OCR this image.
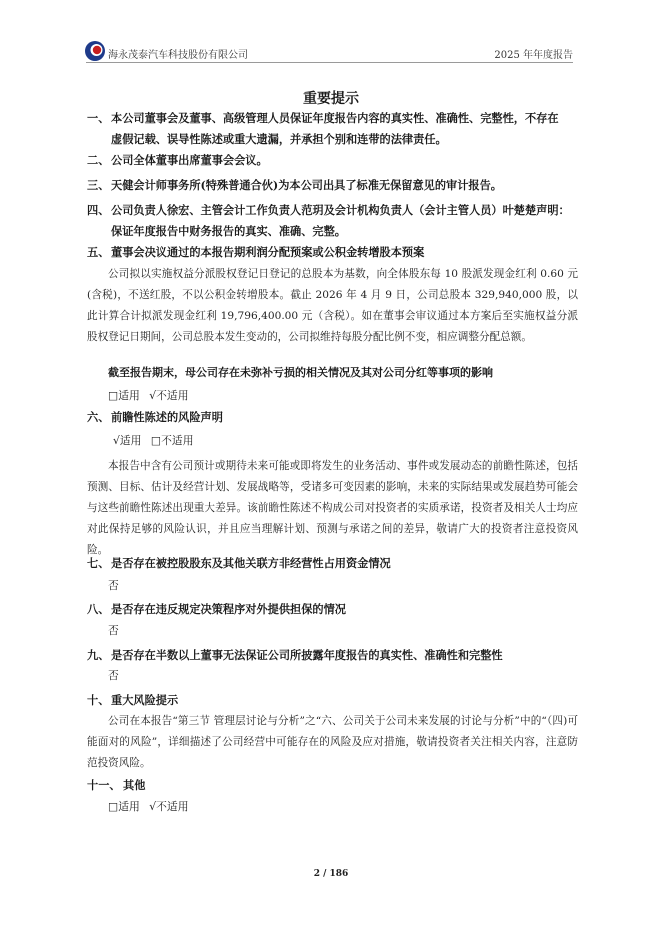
海永茂泰汽车科技股份有限公司	2025 年年度报告
重要提示
一、 本公司董事会及董事、高级管理人员保证年度报告内容的真实性、准确性、完整性，不存在
虚假记载、误导性陈述或重大遗漏，并承担个别和连带的法律责任。
二、 公司全体董事出席董事会会议。
三、 天健会计师事务所(特殊普通合伙)为本公司出具了标准无保留意见的审计报告。
四、 公司负责人徐宏、主管会计工作负责人范玥及会计机构负责人（会计主管人员）叶楚楚声明：
保证年度报告中财务报告的真实、准确、完整。
五、 董事会决议通过的本报告期利润分配预案或公积金转增股本预案
公司拟以实施权益分派股权登记日登记的总股本为基数，向全体股东每 10 股派发现金红利 0.60 元(含税)，不送红股，不以公积金转增股本。截止 2026 年 4 月 9 日，公司总股本 329,940,000 股，以此计算合计拟派发现金红利 19,796,400.00 元（含税）。如在董事会审议通过本方案后至实施权益分派股权登记日期间，公司总股本发生变动的，公司拟维持每股分配比例不变，相应调整分配总额。
截至报告期末，母公司存在未弥补亏损的相关情况及其对公司分红等事项的影响
□适用 √不适用
六、 前瞻性陈述的风险声明
√适用 □不适用
本报告中含有公司预计或期待未来可能或即将发生的业务活动、事件或发展动态的前瞻性陈述，包括预测、目标、估计及经营计划、发展战略等，受诸多可变因素的影响，未来的实际结果或发展趋势可能会与这些前瞻性陈述出现重大差异。该前瞻性陈述不构成公司对投资者的实质承诺，投资者及相关人士均应对此保持足够的风险认识，并且应当理解计划、预测与承诺之间的差异，敬请广大的投资者注意投资风险。
七、 是否存在被控股股东及其他关联方非经营性占用资金情况
否
八、 是否存在违反规定决策程序对外提供担保的情况
否
九、 是否存在半数以上董事无法保证公司所披露年度报告的真实性、准确性和完整性
否
十、 重大风险提示
公司在本报告“第三节 管理层讨论与分析”之“六、公司关于公司未来发展的讨论与分析”中的“（四)可能面对的风险”，详细描述了公司经营中可能存在的风险及应对措施，敬请投资者关注相关内容，注意防范投资风险。
十一、 其他
□适用 √不适用
2 / 186
